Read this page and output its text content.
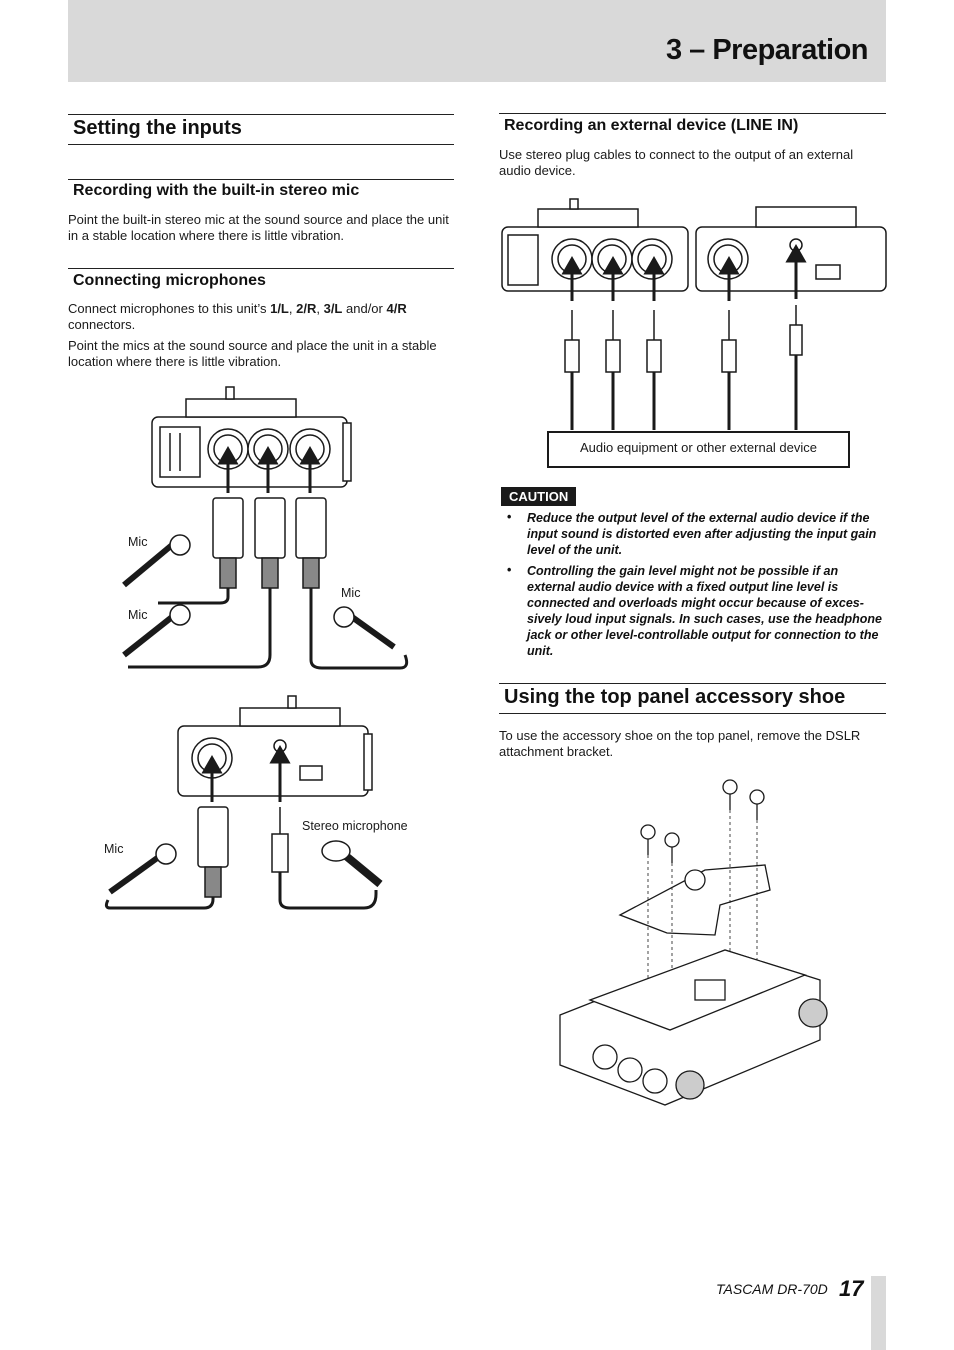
3 – Preparation
Setting the inputs
Recording with the built-in stereo mic
Point the built-in stereo mic at the sound source and place the unit in a stable location where there is little vibration.
Connecting microphones
Connect microphones to this unit’s 1/L, 2/R, 3/L and/or 4/R connectors.
Point the mics at the sound source and place the unit in a stable location where there is little vibration.
Mic
Mic
Mic
Mic
Stereo microphone
Recording an external device (LINE IN)
Use stereo plug cables to connect to the output of an external audio device.
Audio equipment or other external device
CAUTION
• Reduce the output level of the external audio device if the input sound is distorted even after adjusting the input gain level of the unit.
• Controlling the gain level might not be possible if an external audio device with a fixed output line level is connected and overloads might occur because of exces-sively loud input signals. In such cases, use the headphone jack or other level-controllable output for connection to the unit.
Using the top panel accessory shoe
To use the accessory shoe on the top panel, remove the DSLR attachment bracket.
TASCAM DR-70D 17
